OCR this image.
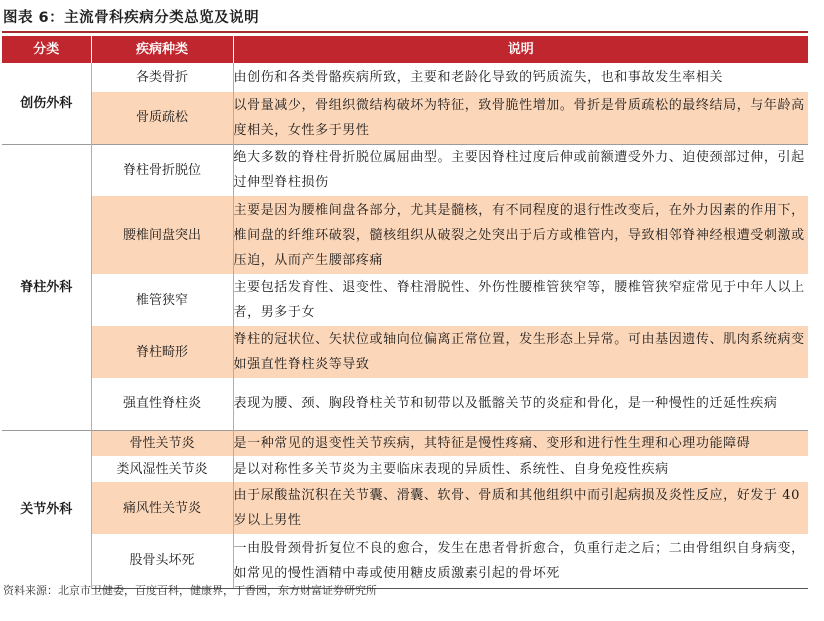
图表 6：主流骨科疾病分类总览及说明
分类	疾病种类	说明
创伤外科	各类骨折	由创伤和各类骨骼疾病所致，主要和老龄化导致的钙质流失，也和事故发生率相关
	骨质疏松	以骨量减少，骨组织微结构破坏为特征，致骨脆性增加。骨折是骨质疏松的最终结局，与年龄高度相关，女性多于男性
脊柱外科	脊柱骨折脱位	绝大多数的脊柱骨折脱位属屈曲型。主要因脊柱过度后伸或前额遭受外力、迫使颈部过伸，引起过伸型脊柱损伤
	腰椎间盘突出	主要是因为腰椎间盘各部分，尤其是髓核，有不同程度的退行性改变后，在外力因素的作用下，椎间盘的纤维环破裂，髓核组织从破裂之处突出于后方或椎管内，导致相邻脊神经根遭受刺激或压迫，从而产生腰部疼痛
	椎管狭窄	主要包括发育性、退变性、脊柱滑脱性、外伤性腰椎管狭窄等，腰椎管狭窄症常见于中年人以上者，男多于女
	脊柱畸形	脊柱的冠状位、矢状位或轴向位偏离正常位置，发生形态上异常。可由基因遗传、肌肉系统病变如强直性脊柱炎等导致
	强直性脊柱炎	表现为腰、颈、胸段脊柱关节和韧带以及骶髂关节的炎症和骨化，是一种慢性的迁延性疾病
关节外科	骨性关节炎	是一种常见的退变性关节疾病，其特征是慢性疼痛、变形和进行性生理和心理功能障碍
	类风湿性关节炎	是以对称性多关节炎为主要临床表现的异质性、系统性、自身免疫性疾病
	痛风性关节炎	由于尿酸盐沉积在关节囊、滑囊、软骨、骨质和其他组织中而引起病损及炎性反应，好发于 40 岁以上男性
	股骨头坏死	一由股骨颈骨折复位不良的愈合，发生在患者骨折愈合，负重行走之后；二由骨组织自身病变，如常见的慢性酒精中毒或使用糖皮质激素引起的骨坏死
资料来源：北京市卫健委，百度百科，健康界，丁香园，东方财富证券研究所
